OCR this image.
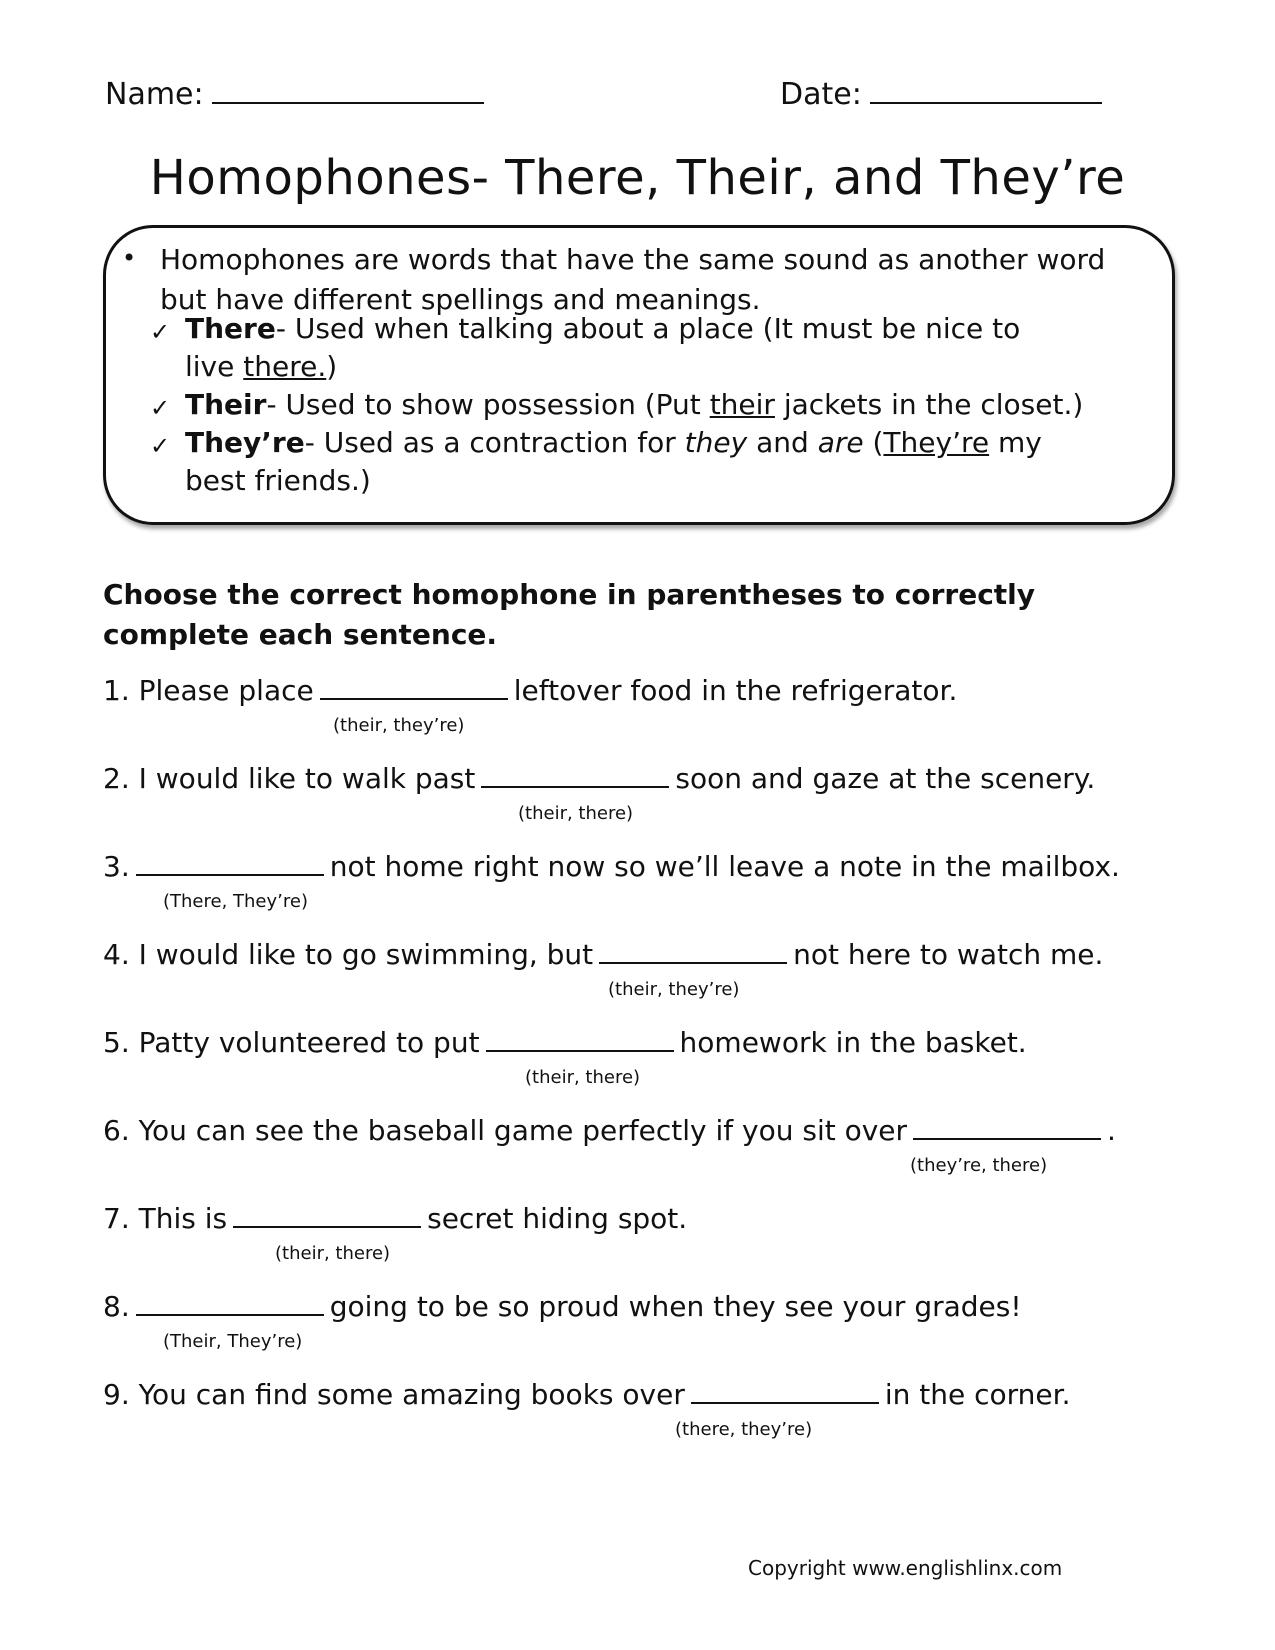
Name:	Date:
Homophones- There, Their, and They’re
• Homophones are words that have the same sound as another word but have different spellings and meanings.
✓ There- Used when talking about a place (It must be nice to live there.)
✓ Their- Used to show possession (Put their jackets in the closet.)
✓ They’re- Used as a contraction for they and are (They’re my best friends.)
Choose the correct homophone in parentheses to correctly complete each sentence.
1. Please place	leftover food in the refrigerator.
(their, they’re)
2. I would like to walk past	soon and gaze at the scenery.
(their, there)
3.	not home right now so we’ll leave a note in the mailbox.
(There, They’re)
4. I would like to go swimming, but	not here to watch me.
(their, they’re)
5. Patty volunteered to put	homework in the basket.
(their, there)
6. You can see the baseball game perfectly if you sit over	.
(they’re, there)
7. This is	secret hiding spot.
(their, there)
8.	going to be so proud when they see your grades!
(Their, They’re)
9. You can find some amazing books over	in the corner.
(there, they’re)
Copyright www.englishlinx.com
